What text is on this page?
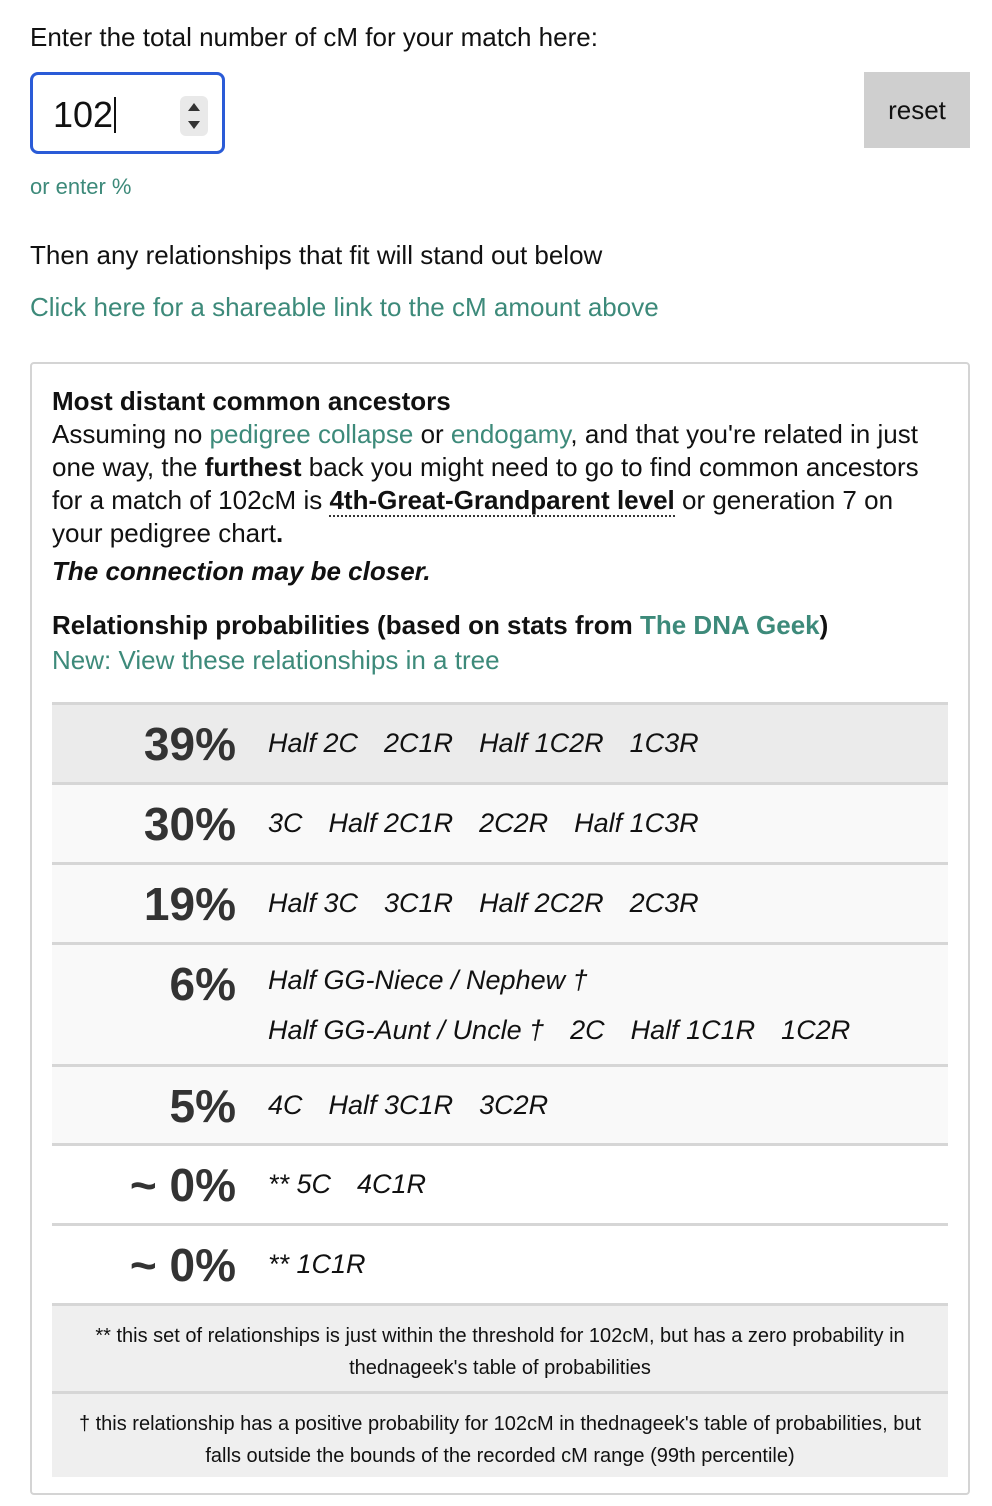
Enter the total number of cM for your match here:
102	reset
or enter %
Then any relationships that fit will stand out below
Click here for a shareable link to the cM amount above
Most distant common ancestors
Assuming no pedigree collapse or endogamy, and that you're related in just one way, the furthest back you might need to go to find common ancestors for a match of 102cM is 4th-Great-Grandparent level or generation 7 on your pedigree chart.
The connection may be closer.
Relationship probabilities (based on stats from The DNA Geek)
New: View these relationships in a tree
39% Half 2C 2C1R Half 1C2R 1C3R
30% 3C Half 2C1R 2C2R Half 1C3R
19% Half 3C 3C1R Half 2C2R 2C3R
6% Half GG-Niece / Nephew †
Half GG-Aunt / Uncle † 2C Half 1C1R 1C2R
5% 4C Half 3C1R 3C2R
~ 0% ** 5C 4C1R
~ 0% ** 1C1R
** this set of relationships is just within the threshold for 102cM, but has a zero probability in thednageek's table of probabilities
† this relationship has a positive probability for 102cM in thednageek's table of probabilities, but falls outside the bounds of the recorded cM range (99th percentile)
